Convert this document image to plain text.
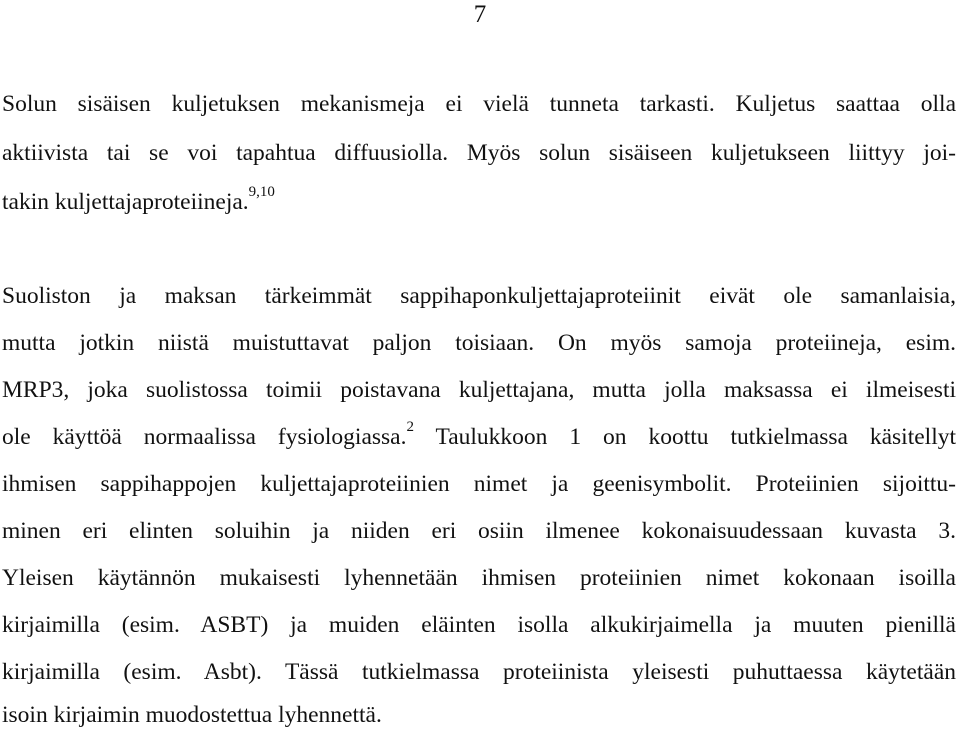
7
Solun sisäisen kuljetuksen mekanismeja ei vielä tunneta tarkasti. Kuljetus saattaa olla
aktiivista tai se voi tapahtua diffuusiolla. Myös solun sisäiseen kuljetukseen liittyy joi-
takin kuljettajaproteiineja.$^{9,10}$
Suoliston ja maksan tärkeimmät sappihaponkuljettajaproteiinit eivät ole samanlaisia,
mutta jotkin niistä muistuttavat paljon toisiaan. On myös samoja proteiineja, esim.
MRP3, joka suolistossa toimii poistavana kuljettajana, mutta jolla maksassa ei ilmeisesti
ole käyttöä normaalissa fysiologiassa.$^2$ Taulukkoon 1 on koottu tutkielmassa käsitellyt
ihmisen sappihappojen kuljettajaproteiinien nimet ja geenisymbolit. Proteiinien sijoittu-
minen eri elinten soluihin ja niiden eri osiin ilmenee kokonaisuudessaan kuvasta 3.
Yleisen käytännön mukaisesti lyhennetään ihmisen proteiinien nimet kokonaan isoilla
kirjaimilla (esim. ASBT) ja muiden eläinten isolla alkukirjaimella ja muuten pienillä
kirjaimilla (esim. Asbt). Tässä tutkielmassa proteiinista yleisesti puhuttaessa käytetään
isoin kirjaimin muodostettua lyhennettä.
